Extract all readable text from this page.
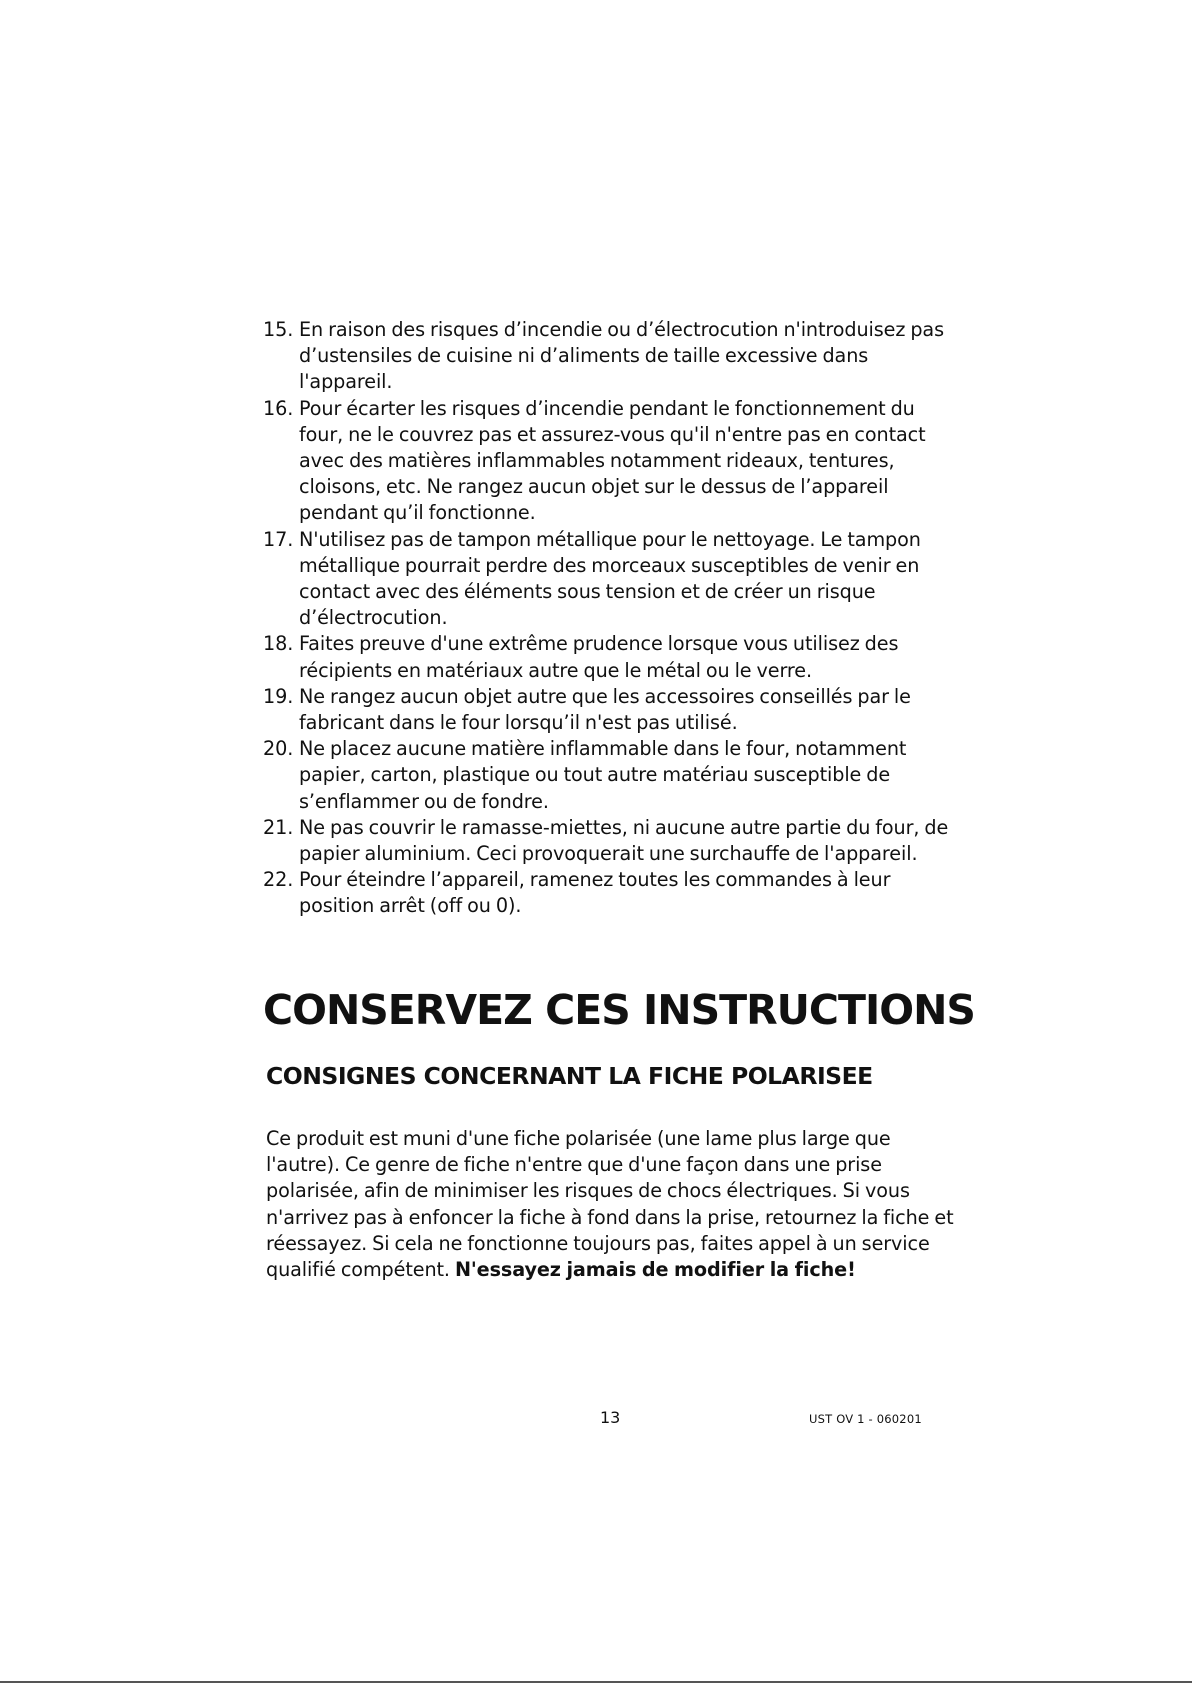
15. En raison des risques d’incendie ou d’électrocution n'introduisez pas d’ustensiles de cuisine ni d’aliments de taille excessive dans l'appareil.
16. Pour écarter les risques d’incendie pendant le fonctionnement du four, ne le couvrez pas et assurez-vous qu'il n'entre pas en contact avec des matières inflammables notamment rideaux, tentures, cloisons, etc. Ne rangez aucun objet sur le dessus de l’appareil pendant qu’il fonctionne.
17. N'utilisez pas de tampon métallique pour le nettoyage. Le tampon métallique pourrait perdre des morceaux susceptibles de venir en contact avec des éléments sous tension et de créer un risque d’électrocution.
18. Faites preuve d'une extrême prudence lorsque vous utilisez des récipients en matériaux autre que le métal ou le verre.
19. Ne rangez aucun objet autre que les accessoires conseillés par le fabricant dans le four lorsqu’il n'est pas utilisé.
20. Ne placez aucune matière inflammable dans le four, notamment papier, carton, plastique ou tout autre matériau susceptible de s’enflammer ou de fondre.
21. Ne pas couvrir le ramasse-miettes, ni aucune autre partie du four, de papier aluminium. Ceci provoquerait une surchauffe de l'appareil.
22. Pour éteindre l’appareil, ramenez toutes les commandes à leur position arrêt (off ou 0).
CONSERVEZ CES INSTRUCTIONS
CONSIGNES CONCERNANT LA FICHE POLARISEE

Ce produit est muni d'une fiche polarisée (une lame plus large que l'autre). Ce genre de fiche n'entre que d'une façon dans une prise polarisée, afin de minimiser les risques de chocs électriques. Si vous n'arrivez pas à enfoncer la fiche à fond dans la prise, retournez la fiche et réessayez. Si cela ne fonctionne toujours pas, faites appel à un service qualifié compétent. N'essayez jamais de modifier la fiche!

13	UST OV 1 - 060201
